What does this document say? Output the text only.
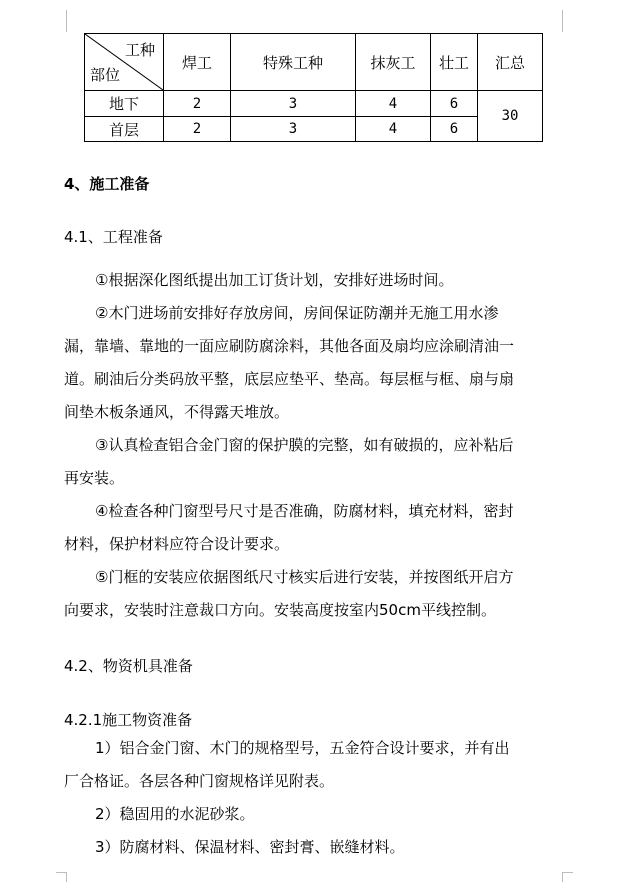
工种
部位	焊工	特殊工种	抹灰工	壮工	汇总
地下	2	3	4	6	30
首层	2	3	4	6	
4、施工准备
4.1、工程准备
①根据深化图纸提出加工订货计划，安排好进场时间。
②木门进场前安排好存放房间，房间保证防潮并无施工用水渗
漏，靠墙、靠地的一面应刷防腐涂料，其他各面及扇均应涂刷清油一
道。刷油后分类码放平整，底层应垫平、垫高。每层框与框、扇与扇
间垫木板条通风，不得露天堆放。
③认真检查铝合金门窗的保护膜的完整，如有破损的，应补粘后
再安装。
④检查各种门窗型号尺寸是否准确，防腐材料，填充材料，密封
材料，保护材料应符合设计要求。
⑤门框的安装应依据图纸尺寸核实后进行安装，并按图纸开启方
向要求，安装时注意裁口方向。安装高度按室内50cm平线控制。
4.2、物资机具准备
4.2.1施工物资准备
1）铝合金门窗、木门的规格型号，五金符合设计要求，并有出
厂合格证。各层各种门窗规格详见附表。
2）稳固用的水泥砂浆。
3）防腐材料、保温材料、密封膏、嵌缝材料。
